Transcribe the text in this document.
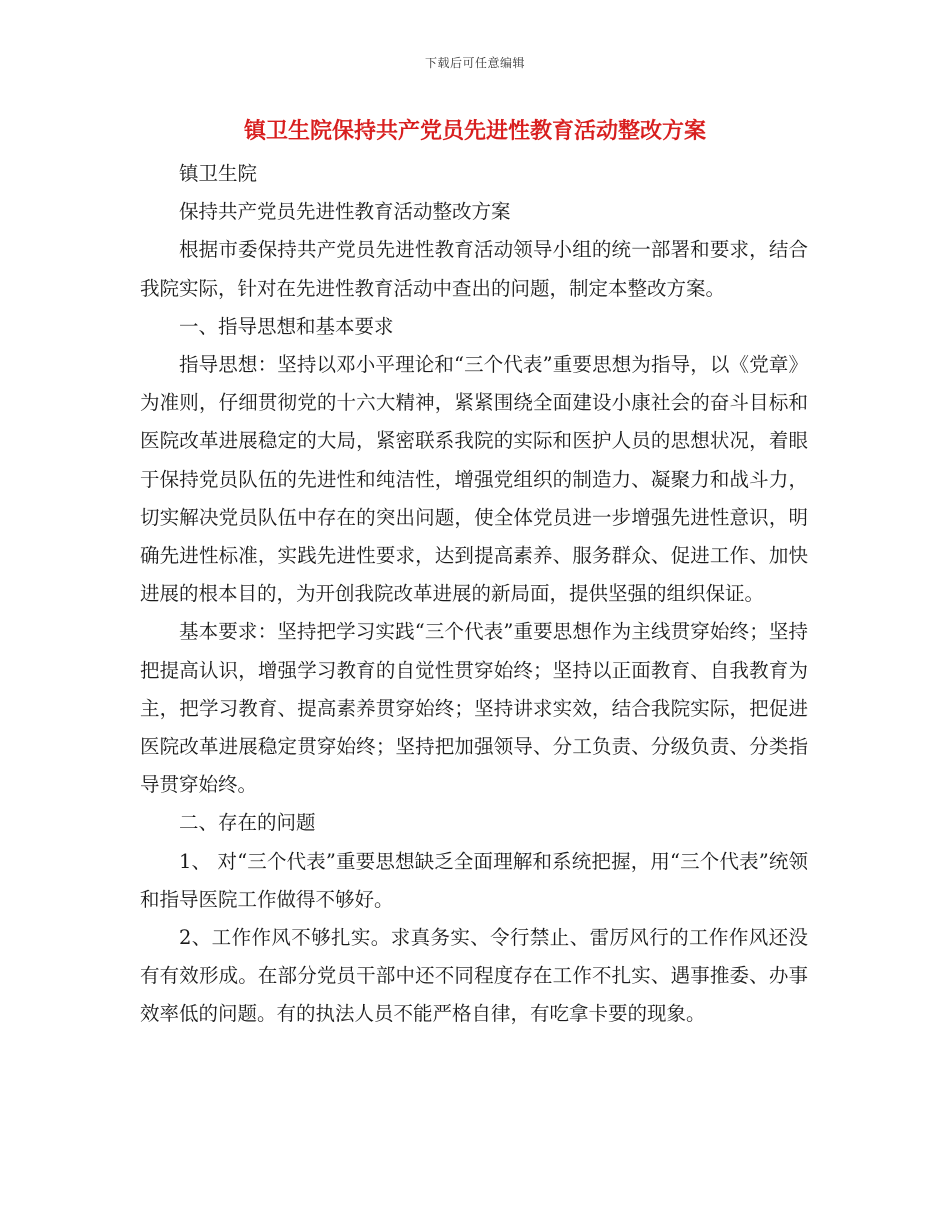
下载后可任意编辑
镇卫生院保持共产党员先进性教育活动整改方案

镇卫生院

保持共产党员先进性教育活动整改方案

根据市委保持共产党员先进性教育活动领导小组的统一部署和要求，结合我院实际，针对在先进性教育活动中查出的问题，制定本整改方案。

一、指导思想和基本要求

指导思想：坚持以邓小平理论和“三个代表”重要思想为指导，以《党章》为准则，仔细贯彻党的十六大精神，紧紧围绕全面建设小康社会的奋斗目标和医院改革进展稳定的大局，紧密联系我院的实际和医护人员的思想状况，着眼于保持党员队伍的先进性和纯洁性，增强党组织的制造力、凝聚力和战斗力，切实解决党员队伍中存在的突出问题，使全体党员进一步增强先进性意识，明确先进性标准，实践先进性要求，达到提高素养、服务群众、促进工作、加快进展的根本目的，为开创我院改革进展的新局面，提供坚强的组织保证。

基本要求：坚持把学习实践“三个代表”重要思想作为主线贯穿始终；坚持把提高认识，增强学习教育的自觉性贯穿始终；坚持以正面教育、自我教育为主，把学习教育、提高素养贯穿始终；坚持讲求实效，结合我院实际，把促进医院改革进展稳定贯穿始终；坚持把加强领导、分工负责、分级负责、分类指导贯穿始终。

二、存在的问题

1、 对“三个代表”重要思想缺乏全面理解和系统把握，用“三个代表”统领和指导医院工作做得不够好。

2、工作作风不够扎实。求真务实、令行禁止、雷厉风行的工作作风还没有有效形成。在部分党员干部中还不同程度存在工作不扎实、遇事推委、办事效率低的问题。有的执法人员不能严格自律，有吃拿卡要的现象。
